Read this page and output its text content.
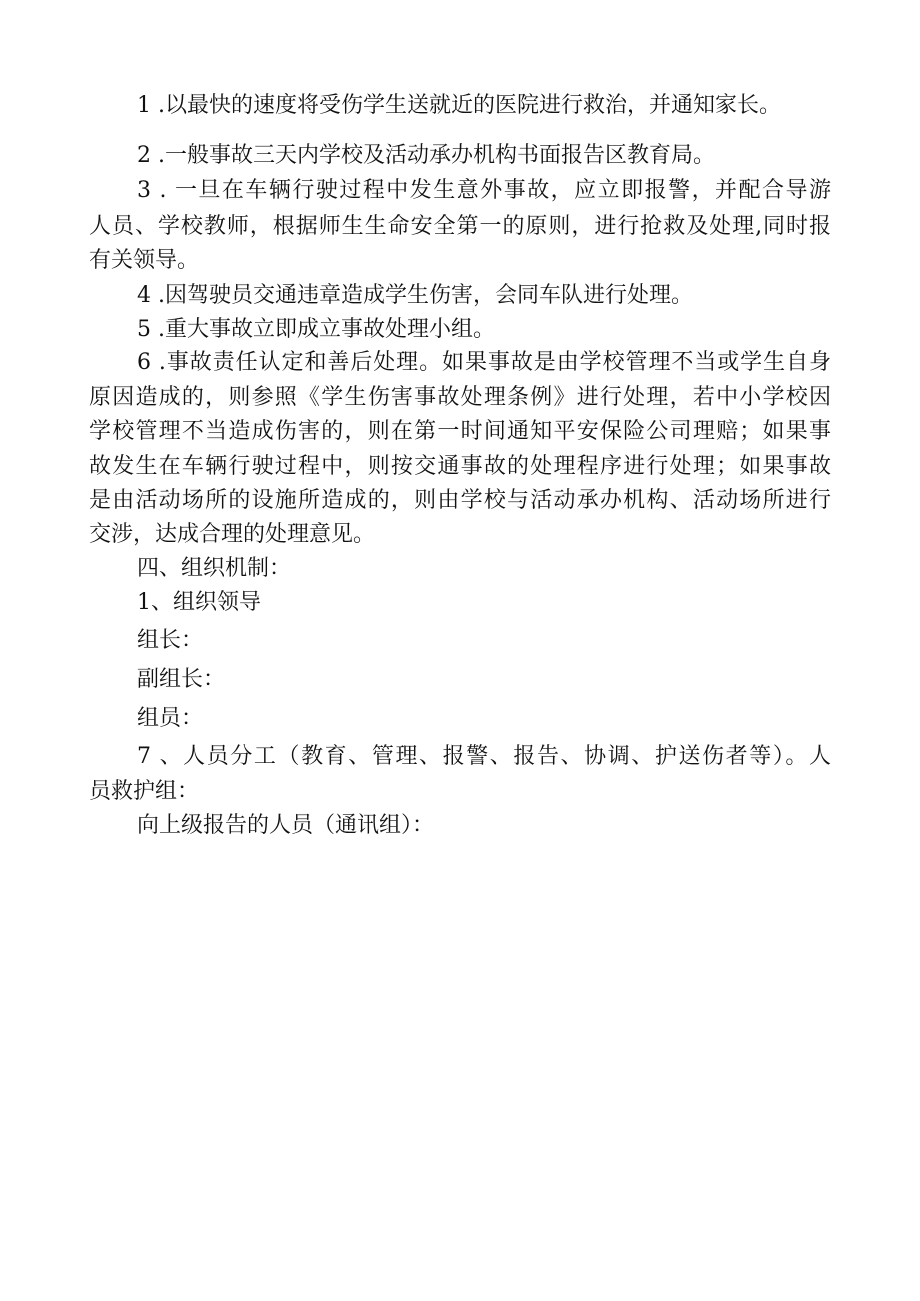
1 .以最快的速度将受伤学生送就近的医院进行救治，并通知家长。
2 .一般事故三天内学校及活动承办机构书面报告区教育局。
3 . 一旦在车辆行驶过程中发生意外事故，应立即报警，并配合导游
人员、学校教师，根据师生生命安全第一的原则，进行抢救及处理,同时报
有关领导。
4 .因驾驶员交通违章造成学生伤害，会同车队进行处理。
5 .重大事故立即成立事故处理小组。
6 .事故责任认定和善后处理。如果事故是由学校管理不当或学生自身
原因造成的，则参照《学生伤害事故处理条例》进行处理，若中小学校因
学校管理不当造成伤害的，则在第一时间通知平安保险公司理赔；如果事
故发生在车辆行驶过程中，则按交通事故的处理程序进行处理；如果事故
是由活动场所的设施所造成的，则由学校与活动承办机构、活动场所进行
交涉，达成合理的处理意见。
四、组织机制：
1、组织领导
组长：
副组长：
组员：
7 、人员分工（教育、管理、报警、报告、协调、护送伤者等）。人
员救护组：
向上级报告的人员（通讯组）：
